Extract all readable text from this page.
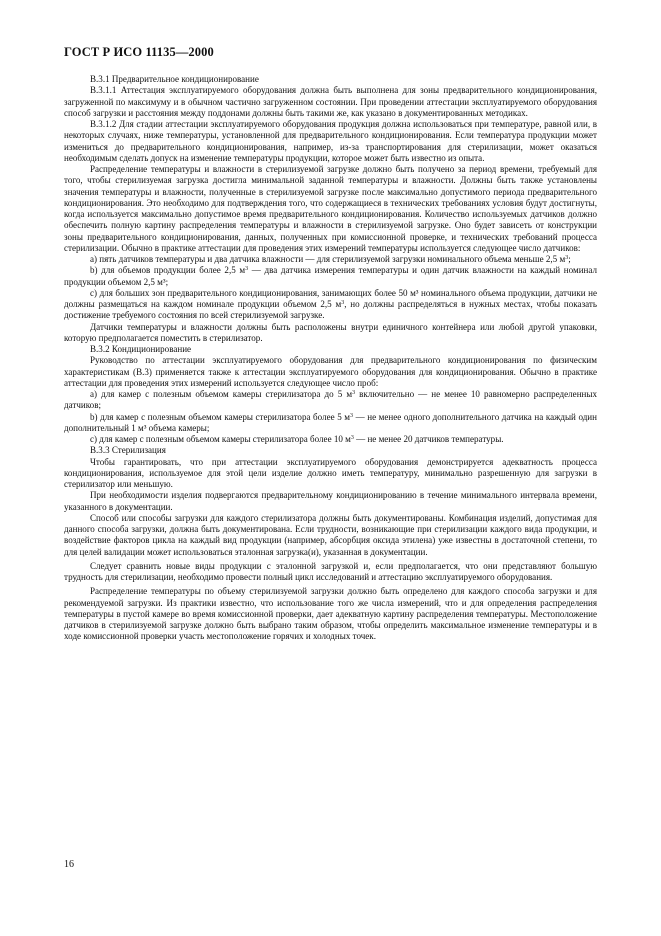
ГОСТ Р ИСО 11135—2000

В.3.1 Предварительное кондиционирование

В.3.1.1 Аттестация эксплуатируемого оборудования должна быть выполнена для зоны предварительного кондиционирования, загруженной по максимуму и в обычном частично загруженном состоянии. При проведении аттестации эксплуатируемого оборудования способ загрузки и расстояния между поддонами должны быть такими же, как указано в документированных методиках.

В.3.1.2 Для стадии аттестации эксплуатируемого оборудования продукция должна использоваться при температуре, равной или, в некоторых случаях, ниже температуры, установленной для предварительного кондиционирования. Если температура продукции может измениться до предварительного кондиционирования, например, из-за транспортирования для стерилизации, может оказаться необходимым сделать допуск на изменение температуры продукции, которое может быть известно из опыта.

Распределение температуры и влажности в стерилизуемой загрузке должно быть получено за период времени, требуемый для того, чтобы стерилизуемая загрузка достигла минимальной заданной температуры и влажности. Должны быть также установлены значения температуры и влажности, полученные в стерилизуемой загрузке после максимально допустимого периода предварительного кондиционирования. Это необходимо для подтверждения того, что содержащиеся в технических требованиях условия будут достигнуты, когда используется максимально допустимое время предварительного кондиционирования. Количество используемых датчиков должно обеспечить полную картину распределения температуры и влажности в стерилизуемой загрузке. Оно будет зависеть от конструкции зоны предварительного кондиционирования, данных, полученных при комиссионной проверке, и технических требований процесса стерилизации. Обычно в практике аттестации для проведения этих измерений температуры используется следующее число датчиков:

а) пять датчиков температуры и два датчика влажности — для стерилизуемой загрузки номинального объема меньше 2,5 $м^3$;

b) для объемов продукции более 2,5 $м^3$ — два датчика измерения температуры и один датчик влажности на каждый номинал продукции объемом 2,5 м³;

с) для больших зон предварительного кондиционирования, занимающих более 50 м³ номинального объема продукции, датчики не должны размещаться на каждом номинале продукции объемом 2,5 $м^3$, но должны распределяться в нужных местах, чтобы показать достижение требуемого состояния по всей стерилизуемой загрузке.

Датчики температуры и влажности должны быть расположены внутри единичного контейнера или любой другой упаковки, которую предполагается поместить в стерилизатор.

В.3.2 Кондиционирование

Руководство по аттестации эксплуатируемого оборудования для предварительного кондиционирования по физическим характеристикам (В.3) применяется также к аттестации эксплуатируемого оборудования для кондиционирования. Обычно в практике аттестации для проведения этих измерений используется следующее число проб:

а) для камер с полезным объемом камеры стерилизатора до 5 $м^3$ включительно — не менее 10 равномерно распределенных датчиков;

b) для камер с полезным объемом камеры стерилизатора более 5 $м^3$ — не менее одного дополнительного датчика на каждый один дополнительный 1 м³ объема камеры;

с) для камер с полезным объемом камеры стерилизатора более 10 $м^3$ — не менее 20 датчиков температуры.

В.3.3 Стерилизация

Чтобы гарантировать, что при аттестации эксплуатируемого оборудования демонстрируется адекватность процесса кондиционирования, используемое для этой цели изделие должно иметь температуру, минимально разрешенную для загрузки в стерилизатор или меньшую.

При необходимости изделия подвергаются предварительному кондиционированию в течение минимального интервала времени, указанного в документации.

Способ или способы загрузки для каждого стерилизатора должны быть документированы. Комбинация изделий, допустимая для данного способа загрузки, должна быть документирована. Если трудности, возникающие при стерилизации каждого вида продукции, и воздействие факторов цикла на каждый вид продукции (например, абсорбция оксида этилена) уже известны в достаточной степени, то для целей валидации может использоваться эталонная загрузка(и), указанная в документации.

Следует сравнить новые виды продукции с эталонной загрузкой и, если предполагается, что они представляют большую трудность для стерилизации, необходимо провести полный цикл исследований и аттестацию эксплуатируемого оборудования.

Распределение температуры по объему стерилизуемой загрузки должно быть определено для каждого способа загрузки и для рекомендуемой загрузки. Из практики известно, что использование того же числа измерений, что и для определения распределения температуры в пустой камере во время комиссионной проверки, дает адекватную картину распределения температуры. Местоположение датчиков в стерилизуемой загрузке должно быть выбрано таким образом, чтобы определить максимальное изменение температуры и в ходе комиссионной проверки участь местоположение горячих и холодных точек.

16
